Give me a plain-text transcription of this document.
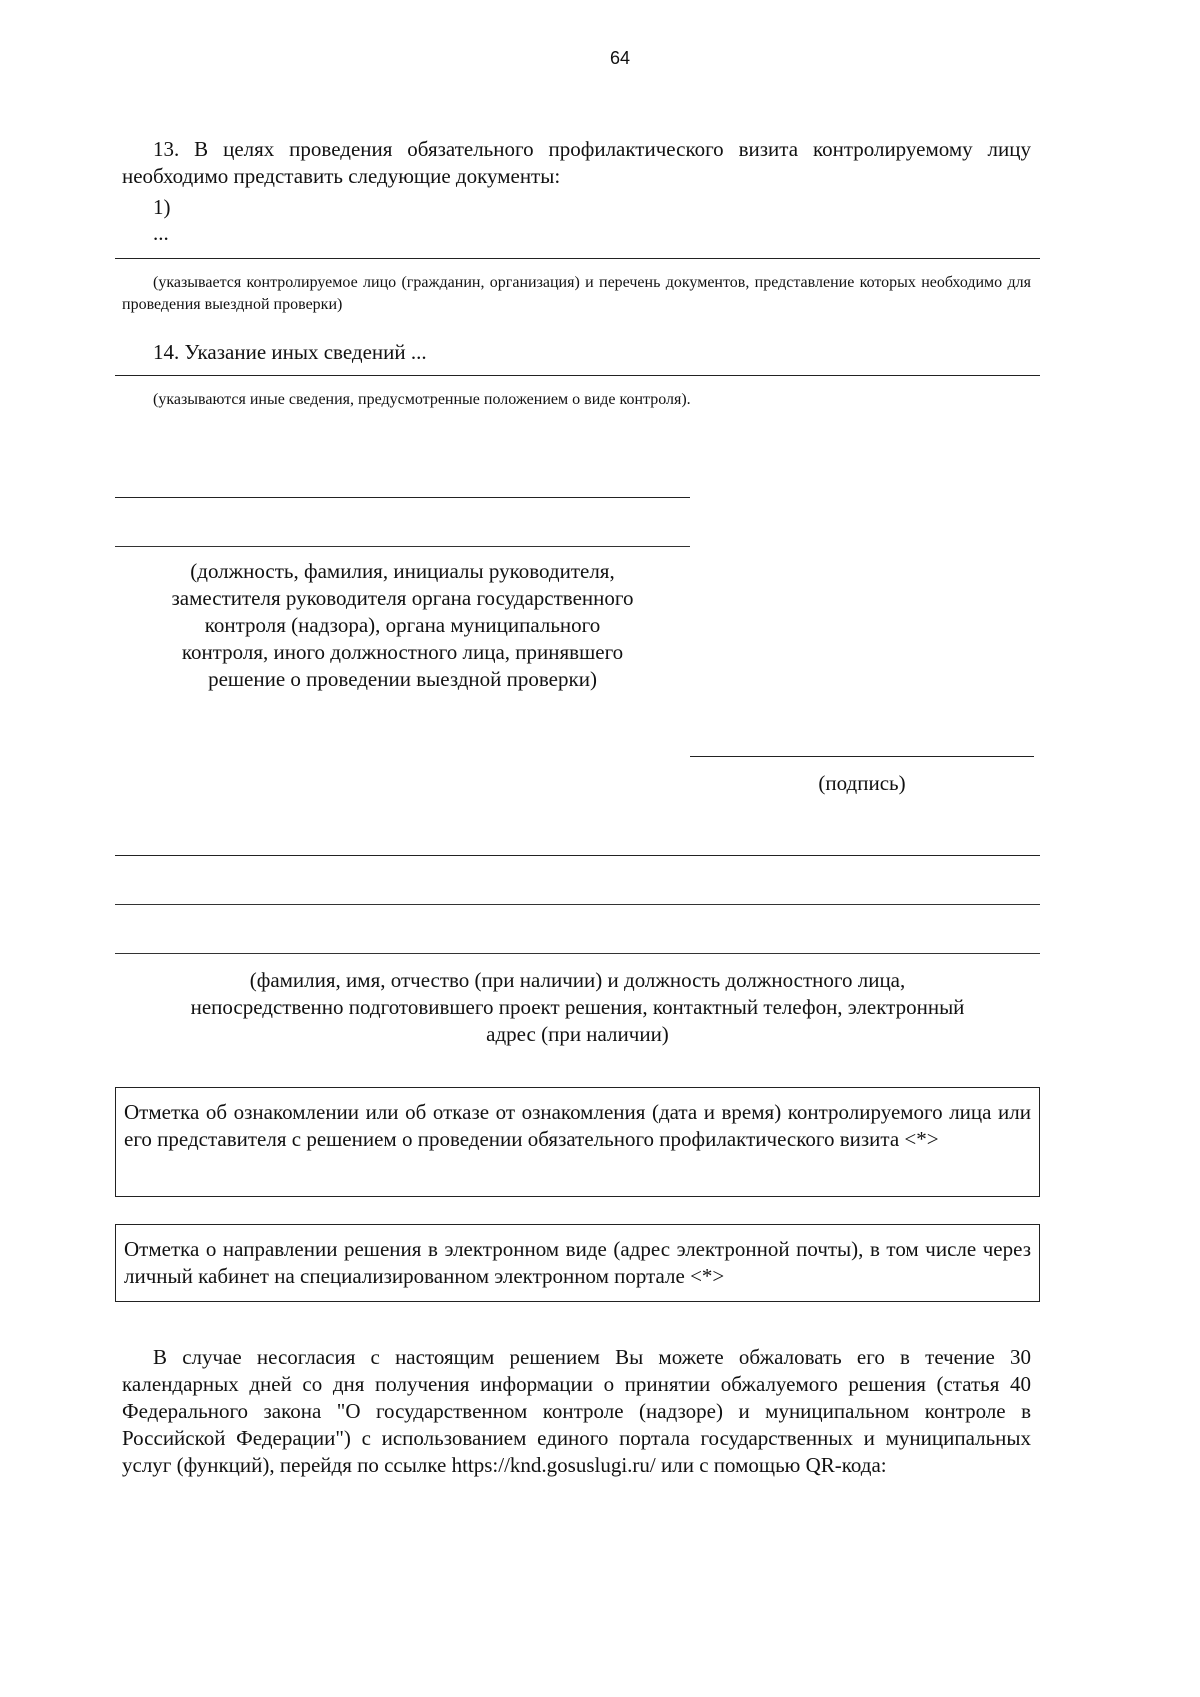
64
13. В целях проведения обязательного профилактического визита контролируемому лицу необходимо представить следующие документы:
1)
...
(указывается контролируемое лицо (гражданин, организация) и перечень документов, представление которых необходимо для проведения выездной проверки)
14. Указание иных сведений ...
(указываются иные сведения, предусмотренные положением о виде контроля).
(должность, фамилия, инициалы руководителя,
заместителя руководителя органа государственного
контроля (надзора), органа муниципального
контроля, иного должностного лица, принявшего
решение о проведении выездной проверки)
(подпись)
(фамилия, имя, отчество (при наличии) и должность должностного лица,
непосредственно подготовившего проект решения, контактный телефон, электронный
адрес (при наличии)
Отметка об ознакомлении или об отказе от ознакомления (дата и время) контролируемого лица или его представителя с решением о проведении обязательного профилактического визита <*>
Отметка о направлении решения в электронном виде (адрес электронной почты), в том числе через личный кабинет на специализированном электронном портале <*>
В случае несогласия с настоящим решением Вы можете обжаловать его в течение 30 календарных дней со дня получения информации о принятии обжалуемого решения (статья 40 Федерального закона "О государственном контроле (надзоре) и муниципальном контроле в Российской Федерации") с использованием единого портала государственных и муниципальных услуг (функций), перейдя по ссылке https://knd.gosuslugi.ru/ или с помощью QR-кода:
